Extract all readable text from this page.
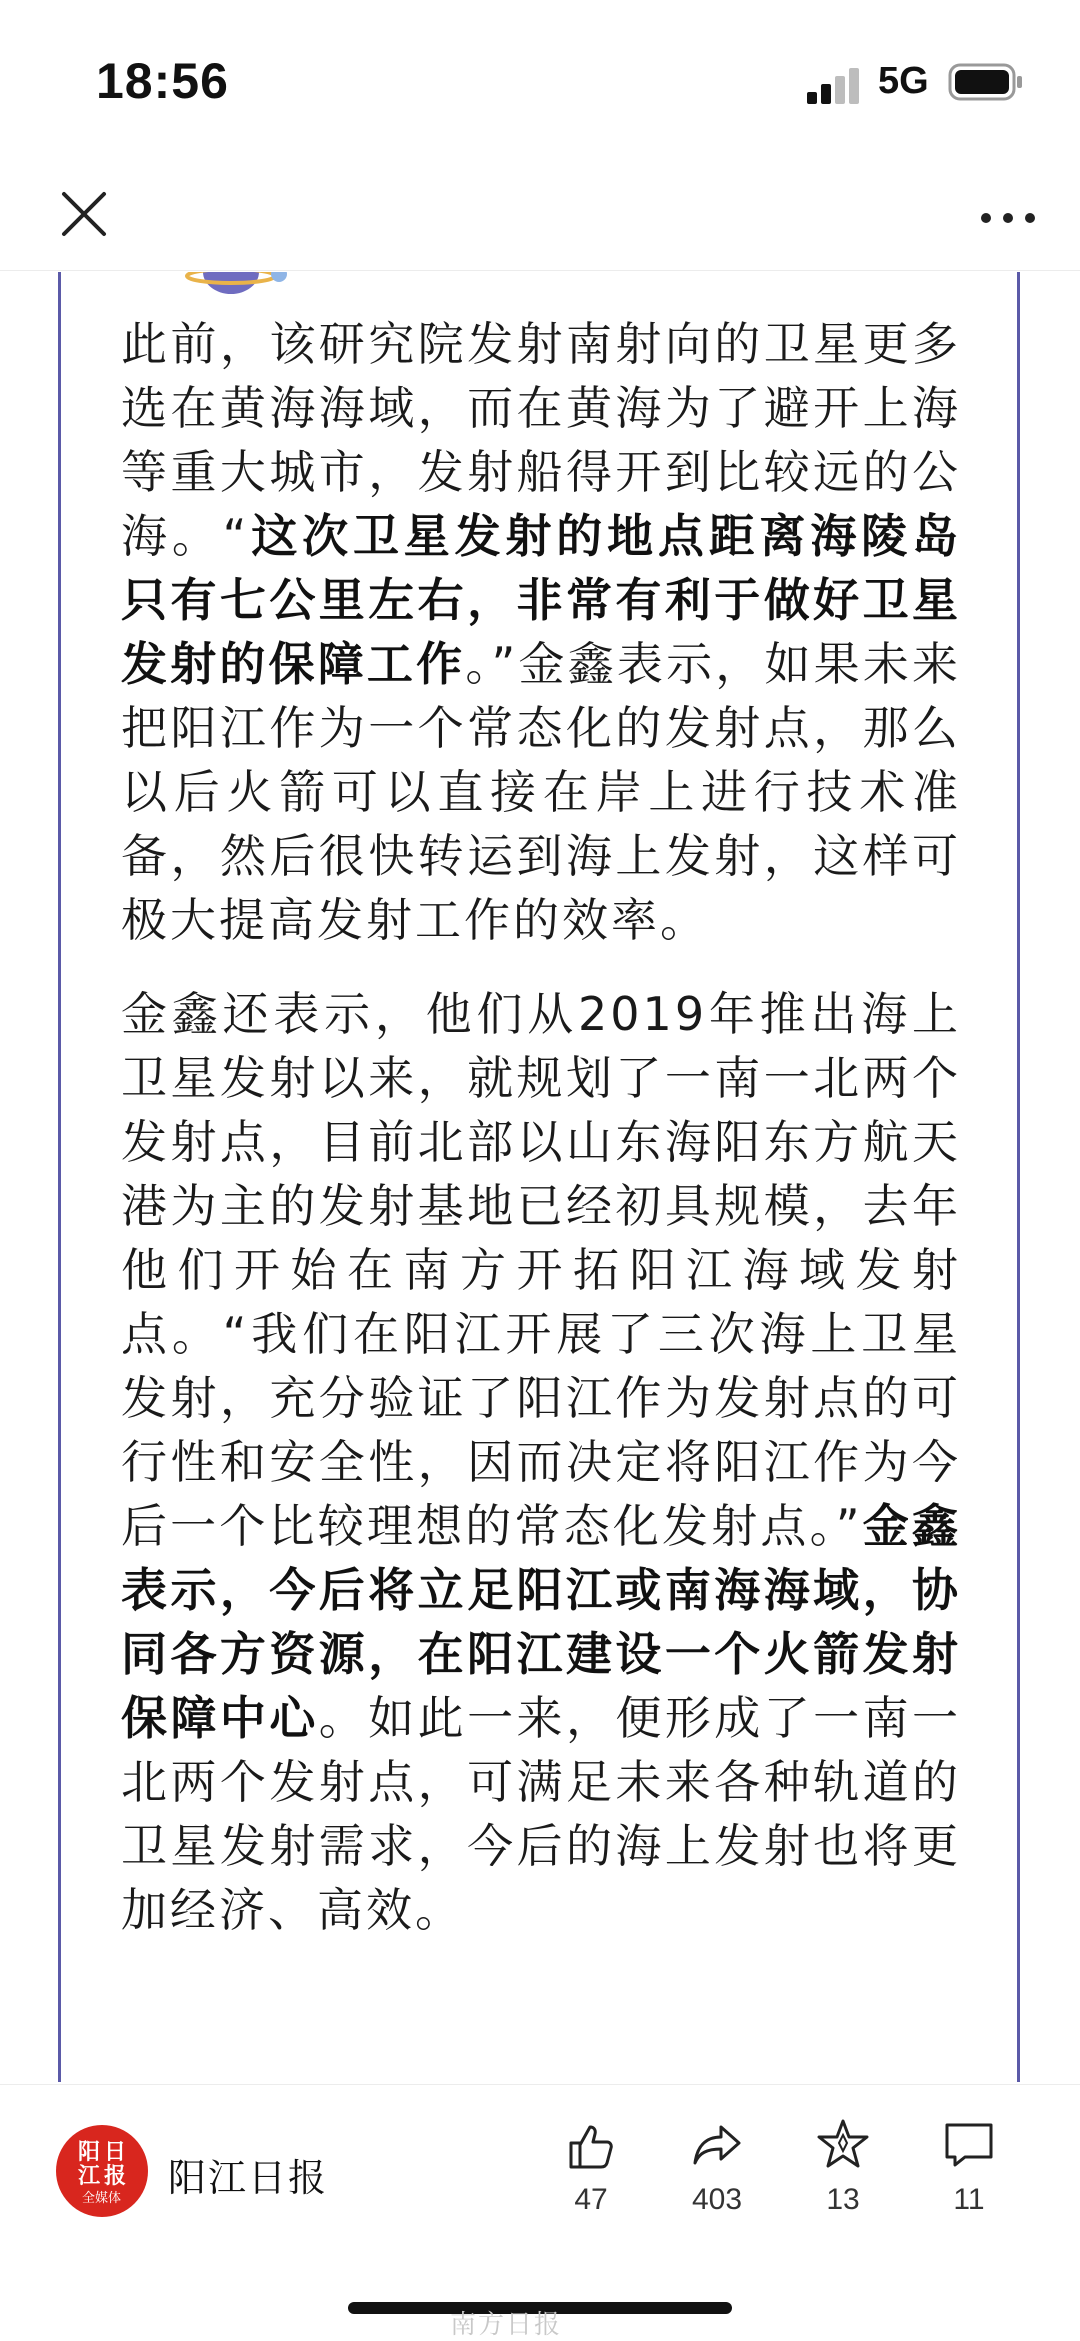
18:56	5G

此前，该研究院发射南射向的卫星更多选在黄海海域，而在黄海为了避开上海等重大城市，发射船得开到比较远的公海。“这次卫星发射的地点距离海陵岛只有七公里左右，非常有利于做好卫星发射的保障工作。”金鑫表示，如果未来把阳江作为一个常态化的发射点，那么以后火箭可以直接在岸上进行技术准备，然后很快转运到海上发射，这样可极大提高发射工作的效率。

金鑫还表示，他们从2019年推出海上卫星发射以来，就规划了一南一北两个发射点，目前北部以山东海阳东方航天港为主的发射基地已经初具规模，去年他们开始在南方开拓阳江海域发射点。“我们在阳江开展了三次海上卫星发射，充分验证了阳江作为发射点的可行性和安全性，因而决定将阳江作为今后一个比较理想的常态化发射点。”金鑫表示，今后将立足阳江或南海海域，协同各方资源，在阳江建设一个火箭发射保障中心。如此一来，便形成了一南一北两个发射点，可满足未来各种轨道的卫星发射需求，今后的海上发射也将更加经济、高效。

阳
江
日
报
全媒体 阳江日报	47	403	13	11
南方日报
